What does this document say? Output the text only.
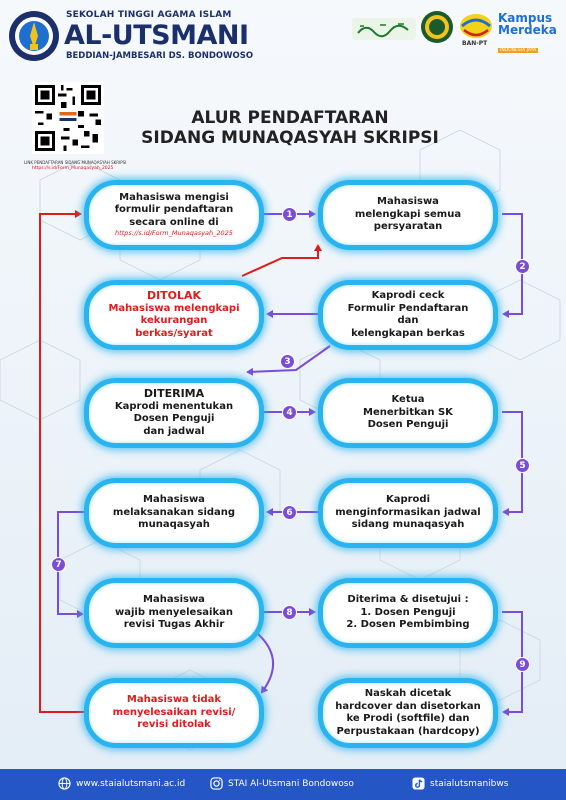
SEKOLAH TINGGI AGAMA ISLAM
AL-UTSMANI
BEDDIAN-JAMBESARI DS. BONDOWOSO
BAN-PT
Kampus
Merdeka
INDONESIA JAYA
LINK PENDAFTARAN SIDANG MUNAQASYAH SKRIPSI
https://s.id/Form_Munaqasyah_2025
ALUR PENDAFTARAN
SIDANG MUNAQASYAH SKRIPSI
1
2
3
4
5
6
7
8
9
Mahasiswa mengisi
formulir pendaftaran
secara online di
https://s.id/Form_Munaqasyah_2025
Mahasiswa
melengkapi semua
persyaratan
Kaprodi ceck
Formulir Pendaftaran
dan
kelengkapan berkas
DITOLAK
Mahasiswa melengkapi
kekurangan
berkas/syarat
DITERIMA
Kaprodi menentukan
Dosen Penguji
dan jadwal
Ketua
Menerbitkan SK
Dosen Penguji
Kaprodi
menginformasikan jadwal
sidang munaqasyah
Mahasiswa
melaksanakan sidang
munaqasyah
Mahasiswa
wajib menyelesaikan
revisi Tugas Akhir
Diterima & disetujui :
1. Dosen Penguji
2. Dosen Pembimbing
Mahasiswa tidak
menyelesaikan revisi/
revisi ditolak
Naskah dicetak
hardcover dan disetorkan
ke Prodi (softfile) dan
Perpustakaan (hardcopy)
www.staialutsmani.ac.id	STAI Al-Utsmani Bondowoso	staialutsmanibws
